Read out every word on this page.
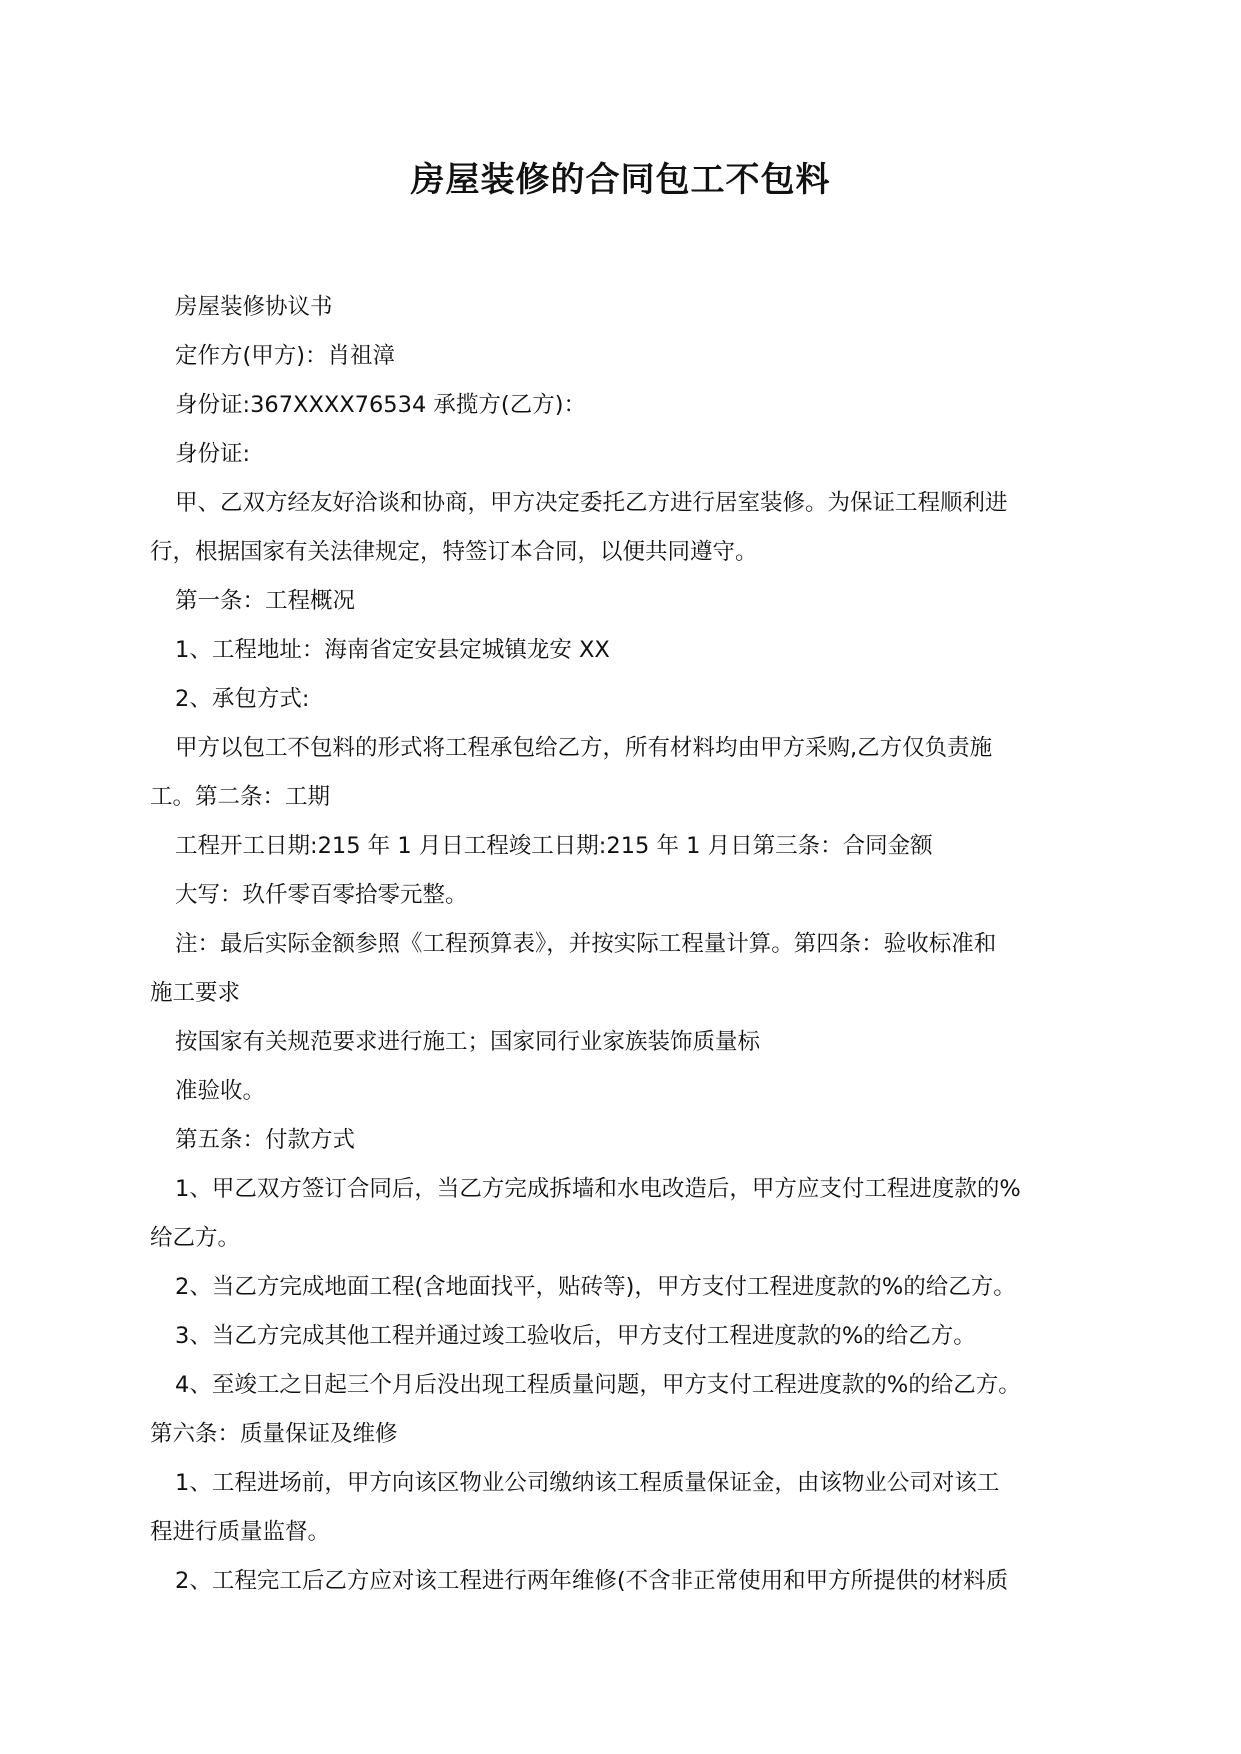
房屋装修的合同包工不包料

房屋装修协议书

定作方(甲方)：肖祖漳

身份证:367XXXX76534 承揽方(乙方)：

身份证:

甲、乙双方经友好洽谈和协商，甲方决定委托乙方进行居室装修。为保证工程顺利进

行，根据国家有关法律规定，特签订本合同，以便共同遵守。

第一条：工程概况

1、工程地址：海南省定安县定城镇龙安 XX

2、承包方式:

甲方以包工不包料的形式将工程承包给乙方，所有材料均由甲方采购,乙方仅负责施

工。第二条：工期

工程开工日期:215 年 1 月日工程竣工日期:215 年 1 月日第三条：合同金额

大写：玖仟零百零拾零元整。

注：最后实际金额参照《工程预算表》，并按实际工程量计算。第四条：验收标准和

施工要求

按国家有关规范要求进行施工；国家同行业家族装饰质量标

准验收。

第五条：付款方式

1、甲乙双方签订合同后，当乙方完成拆墙和水电改造后，甲方应支付工程进度款的%

给乙方。

2、当乙方完成地面工程(含地面找平，贴砖等)，甲方支付工程进度款的%的给乙方。

3、当乙方完成其他工程并通过竣工验收后，甲方支付工程进度款的%的给乙方。

4、至竣工之日起三个月后没出现工程质量问题，甲方支付工程进度款的%的给乙方。

第六条：质量保证及维修

1、工程进场前，甲方向该区物业公司缴纳该工程质量保证金，由该物业公司对该工

程进行质量监督。

2、工程完工后乙方应对该工程进行两年维修(不含非正常使用和甲方所提供的材料质
